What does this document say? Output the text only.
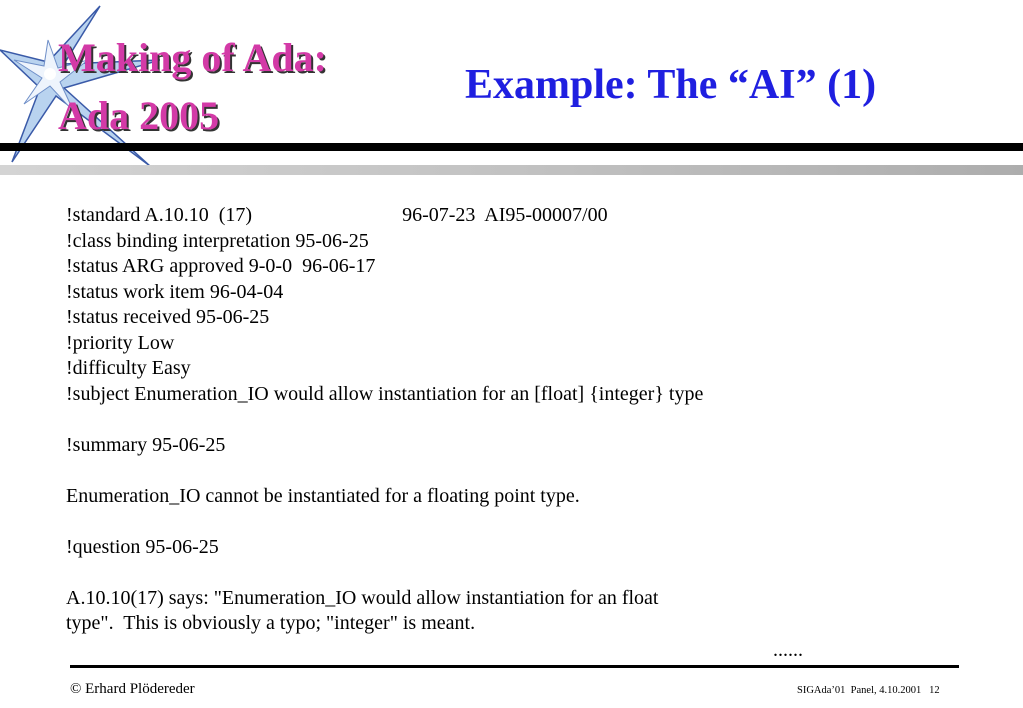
Making of Ada:
Ada 2005
Example: The “AI” (1)
!standard A.10.10  (17)                              96-07-23  AI95-00007/00
!class binding interpretation 95-06-25
!status ARG approved 9-0-0  96-06-17
!status work item 96-04-04
!status received 95-06-25
!priority Low
!difficulty Easy
!subject Enumeration_IO would allow instantiation for an [float] {integer} type
!summary 95-06-25
Enumeration_IO cannot be instantiated for a floating point type.
!question 95-06-25
A.10.10(17) says: "Enumeration_IO would allow instantiation for an float
type".  This is obviously a typo; "integer" is meant.
......
© Erhard Plödereder	SIGAda’01  Panel, 4.10.2001   12
